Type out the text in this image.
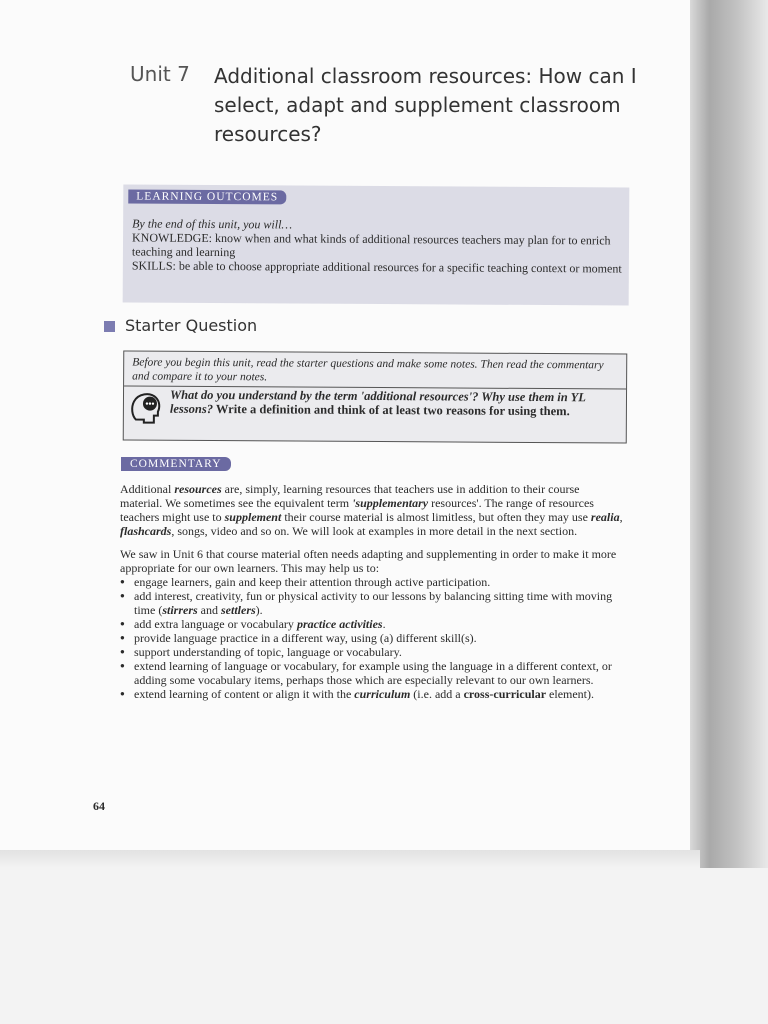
Unit 7 Additional classroom resources: How can I select, adapt and supplement classroom resources?
LEARNING OUTCOMES

By the end of this unit, you will…

KNOWLEDGE: know when and what kinds of additional resources teachers may plan for to enrich teaching and learning

SKILLS: be able to choose appropriate additional resources for a specific teaching context or moment

Starter Question
Before you begin this unit, read the starter questions and make some notes. Then read the commentary and compare it to your notes.
What do you understand by the term 'additional resources'? Why use them in YL lessons? Write a definition and think of at least two reasons for using them.
COMMENTARY

Additional resources are, simply, learning resources that teachers use in addition to their course material. We sometimes see the equivalent term 'supplementary resources'. The range of resources teachers might use to supplement their course material is almost limitless, but often they may use realia, flashcards, songs, video and so on. We will look at examples in more detail in the next section.

We saw in Unit 6 that course material often needs adapting and supplementing in order to make it more appropriate for our own learners. This may help us to:

● engage learners, gain and keep their attention through active participation.
● add interest, creativity, fun or physical activity to our lessons by balancing sitting time with moving time (stirrers and settlers).
● add extra language or vocabulary practice activities.
● provide language practice in a different way, using (a) different skill(s).
● support understanding of topic, language or vocabulary.
● extend learning of language or vocabulary, for example using the language in a different context, or adding some vocabulary items, perhaps those which are especially relevant to our own learners.
● extend learning of content or align it with the curriculum (i.e. add a cross-curricular element).
64
